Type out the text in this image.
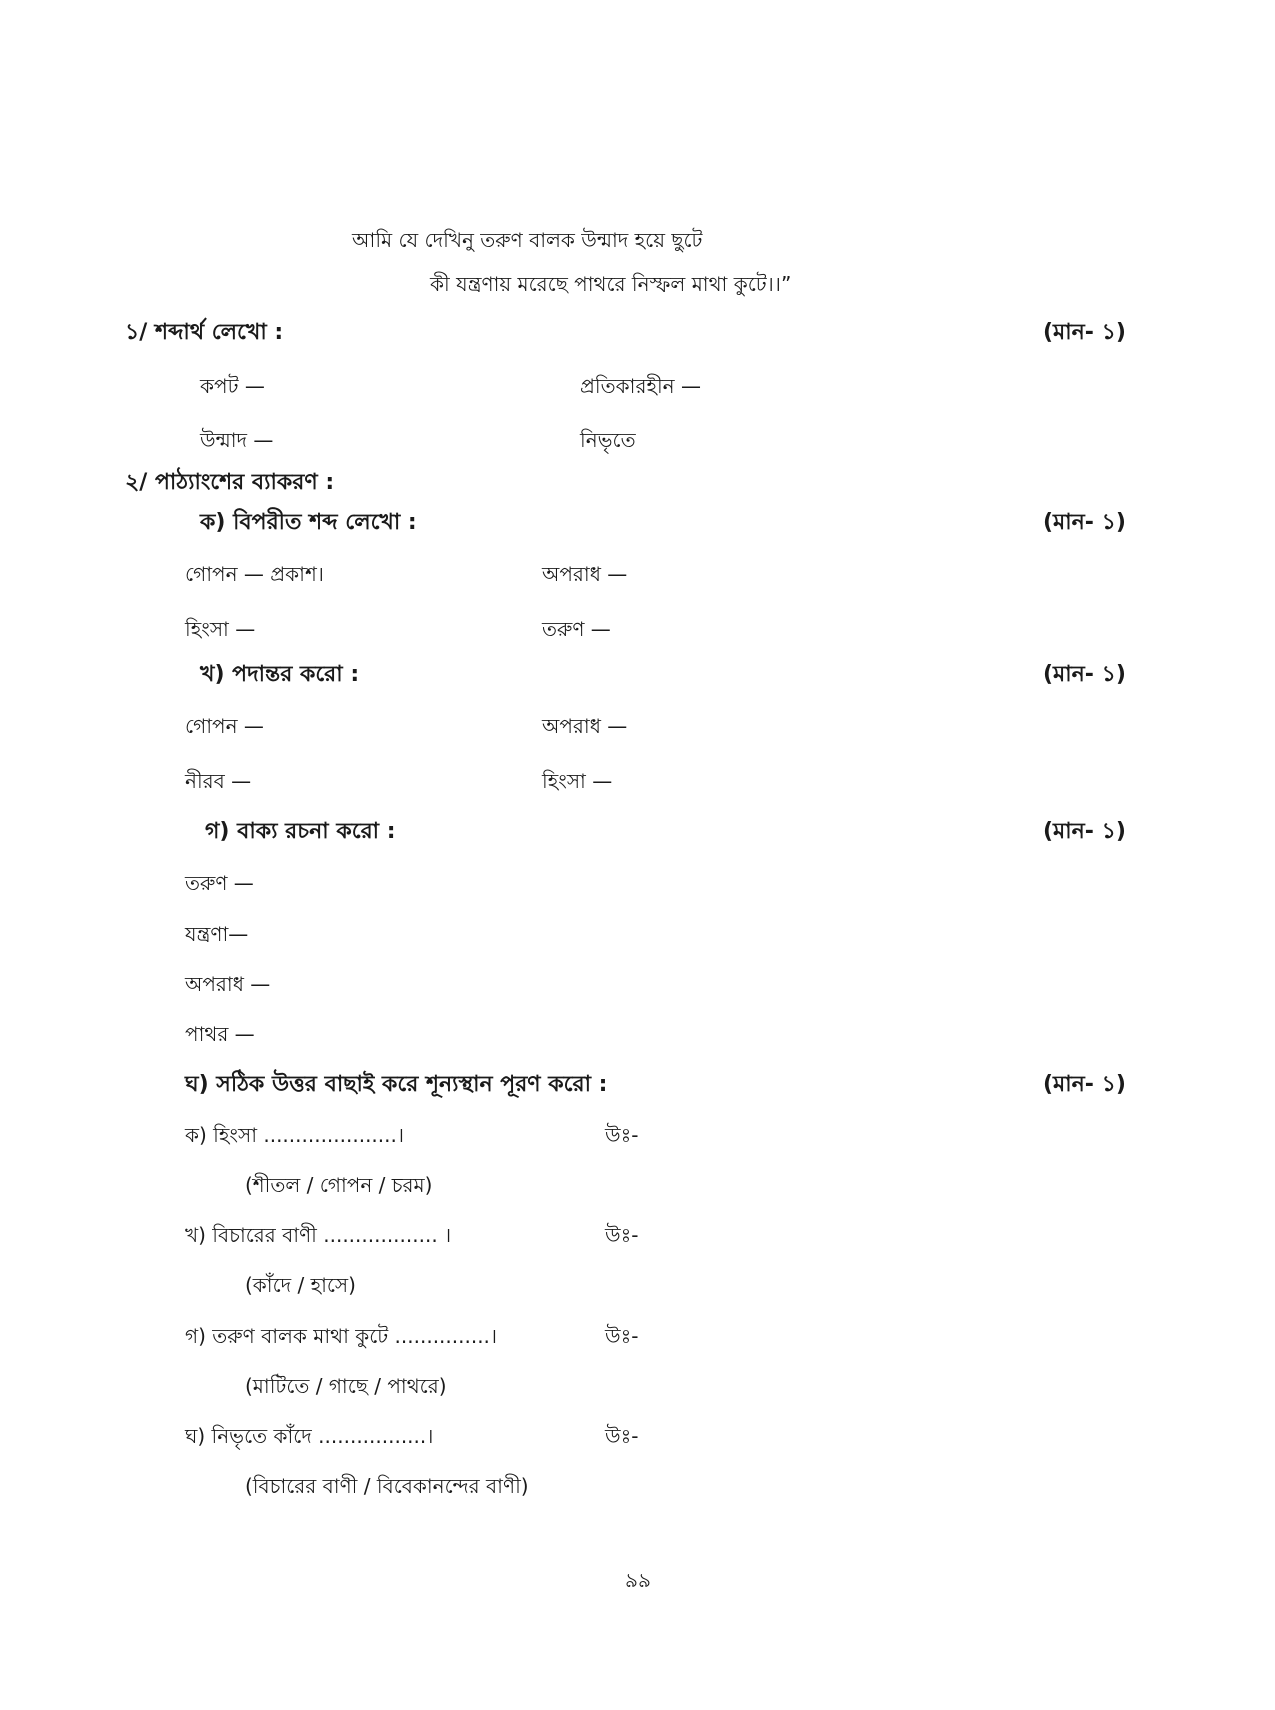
আমি যে দেখিনু তরুণ বালক উন্মাদ হয়ে ছুটে
কী যন্ত্রণায় মরেছে পাথরে নিস্ফল মাথা কুটে।।”
১/ শব্দার্থ লেখো :	(মান- ১)
কপট —	প্রতিকারহীন —
উন্মাদ —	নিভৃতে
২/ পাঠ্যাংশের ব্যাকরণ :
ক) বিপরীত শব্দ লেখো :	(মান- ১)
গোপন — প্রকাশ।	অপরাধ —
হিংসা —	তরুণ —
খ) পদান্তর করো :	(মান- ১)
গোপন —	অপরাধ —
নীরব —	হিংসা —
গ) বাক্য রচনা করো :	(মান- ১)
তরুণ —
যন্ত্রণা—
অপরাধ —
পাথর —
ঘ) সঠিক উত্তর বাছাই করে শূন্যস্থান পূরণ করো :	(মান- ১)
ক) হিংসা .....................।	উঃ-
(শীতল / গোপন / চরম)
খ) বিচারের বাণী .................. ।	উঃ-
(কাঁদে / হাসে)
গ) তরুণ বালক মাথা কুটে ...............।	উঃ-
(মাটিতে / গাছে / পাথরে)
ঘ) নিভৃতে কাঁদে .................।	উঃ-
(বিচারের বাণী / বিবেকানন্দের বাণী)
৯৯
